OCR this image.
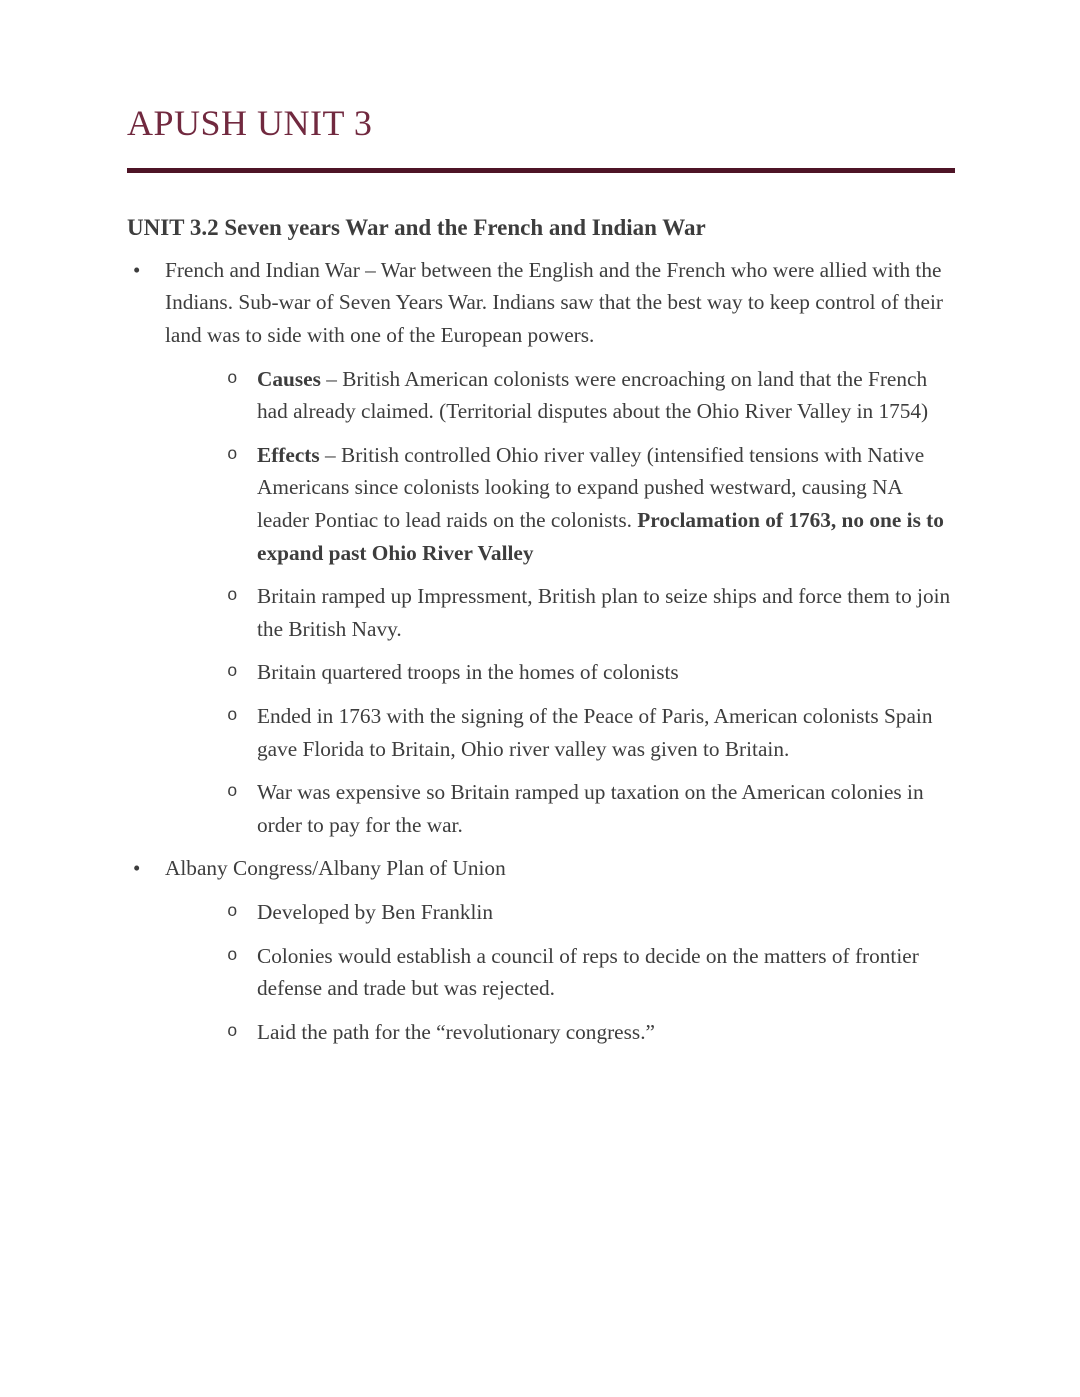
APUSH UNIT 3
UNIT 3.2 Seven years War and the French and Indian War
•	French and Indian War – War between the English and the French who were allied with the Indians. Sub-war of Seven Years War. Indians saw that the best way to keep control of their land was to side with one of the European powers.
o Causes – British American colonists were encroaching on land that the French had already claimed. (Territorial disputes about the Ohio River Valley in 1754)
o Effects – British controlled Ohio river valley (intensified tensions with Native Americans since colonists looking to expand pushed westward, causing NA leader Pontiac to lead raids on the colonists. Proclamation of 1763, no one is to expand past Ohio River Valley
o Britain ramped up Impressment, British plan to seize ships and force them to join the British Navy.
o Britain quartered troops in the homes of colonists
o Ended in 1763 with the signing of the Peace of Paris, American colonists Spain gave Florida to Britain, Ohio river valley was given to Britain.
o War was expensive so Britain ramped up taxation on the American colonies in order to pay for the war.
•	Albany Congress/Albany Plan of Union
o Developed by Ben Franklin
o Colonies would establish a council of reps to decide on the matters of frontier defense and trade but was rejected.
o Laid the path for the “revolutionary congress.”
